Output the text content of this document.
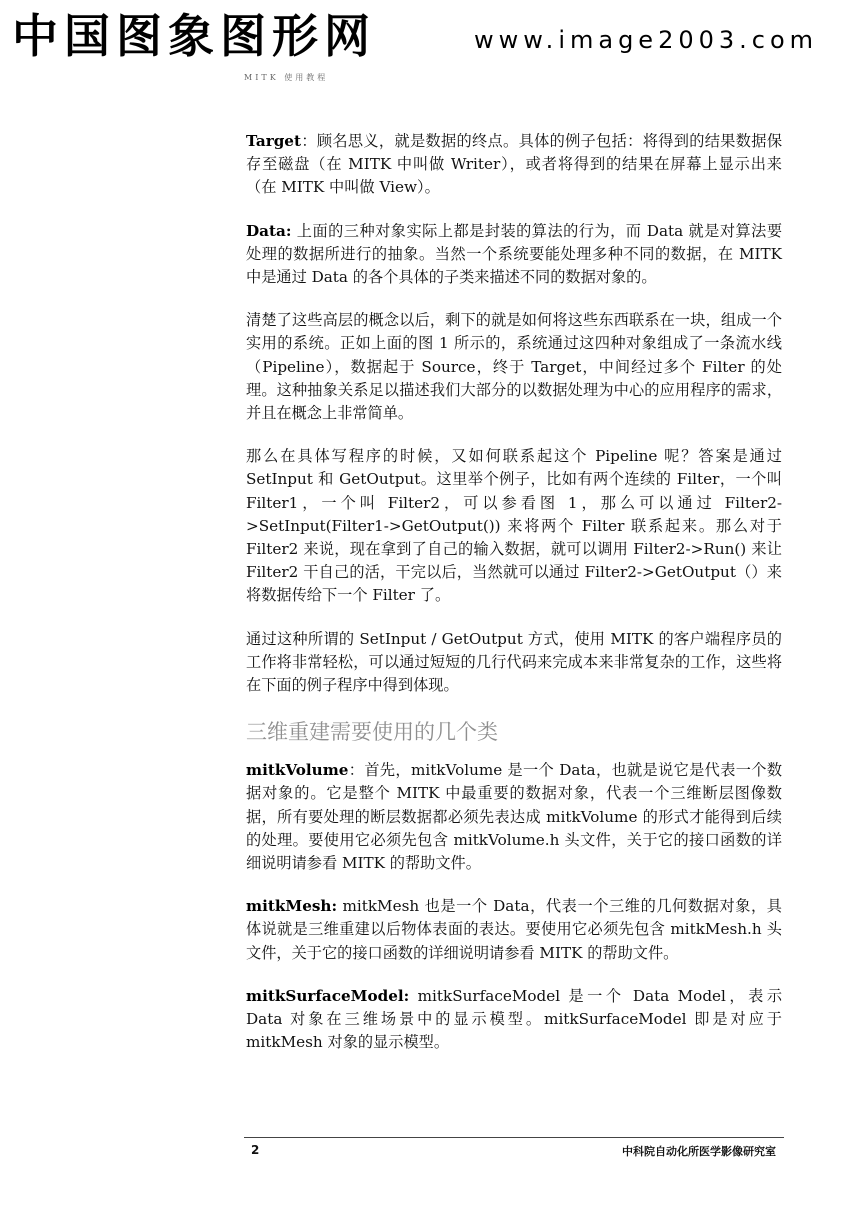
中国图象图形网	www.image2003.com
MITK 使用教程

Target：顾名思义，就是数据的终点。具体的例子包括：将得到的结果数据保存至磁盘（在 MITK 中叫做 Writer），或者将得到的结果在屏幕上显示出来（在 MITK 中叫做 View）。

Data: 上面的三种对象实际上都是封装的算法的行为，而 Data 就是对算法要处理的数据所进行的抽象。当然一个系统要能处理多种不同的数据，在 MITK 中是通过 Data 的各个具体的子类来描述不同的数据对象的。

清楚了这些高层的概念以后，剩下的就是如何将这些东西联系在一块，组成一个实用的系统。正如上面的图 1 所示的，系统通过这四种对象组成了一条流水线（Pipeline），数据起于 Source，终于 Target，中间经过多个 Filter 的处理。这种抽象关系足以描述我们大部分的以数据处理为中心的应用程序的需求，并且在概念上非常简单。

那么在具体写程序的时候，又如何联系起这个 Pipeline 呢？答案是通过 SetInput 和 GetOutput。这里举个例子，比如有两个连续的 Filter，一个叫 Filter1，一个叫 Filter2，可以参看图 1，那么可以通过 Filter2->SetInput(Filter1->GetOutput()) 来将两个 Filter 联系起来。那么对于 Filter2 来说，现在拿到了自己的输入数据，就可以调用 Filter2->Run() 来让 Filter2 干自己的活，干完以后，当然就可以通过 Filter2->GetOutput（）来将数据传给下一个 Filter 了。

通过这种所谓的 SetInput / GetOutput 方式，使用 MITK 的客户端程序员的工作将非常轻松，可以通过短短的几行代码来完成本来非常复杂的工作，这些将在下面的例子程序中得到体现。

三维重建需要使用的几个类

mitkVolume：首先，mitkVolume 是一个 Data，也就是说它是代表一个数据对象的。它是整个 MITK 中最重要的数据对象，代表一个三维断层图像数据，所有要处理的断层数据都必须先表达成 mitkVolume 的形式才能得到后续的处理。要使用它必须先包含 mitkVolume.h 头文件，关于它的接口函数的详细说明请参看 MITK 的帮助文件。

mitkMesh: mitkMesh 也是一个 Data，代表一个三维的几何数据对象，具体说就是三维重建以后物体表面的表达。要使用它必须先包含 mitkMesh.h 头文件，关于它的接口函数的详细说明请参看 MITK 的帮助文件。

mitkSurfaceModel: mitkSurfaceModel 是一个 Data Model，表示 Data 对象在三维场景中的显示模型。mitkSurfaceModel 即是对应于 mitkMesh 对象的显示模型。

2	中科院自动化所医学影像研究室
